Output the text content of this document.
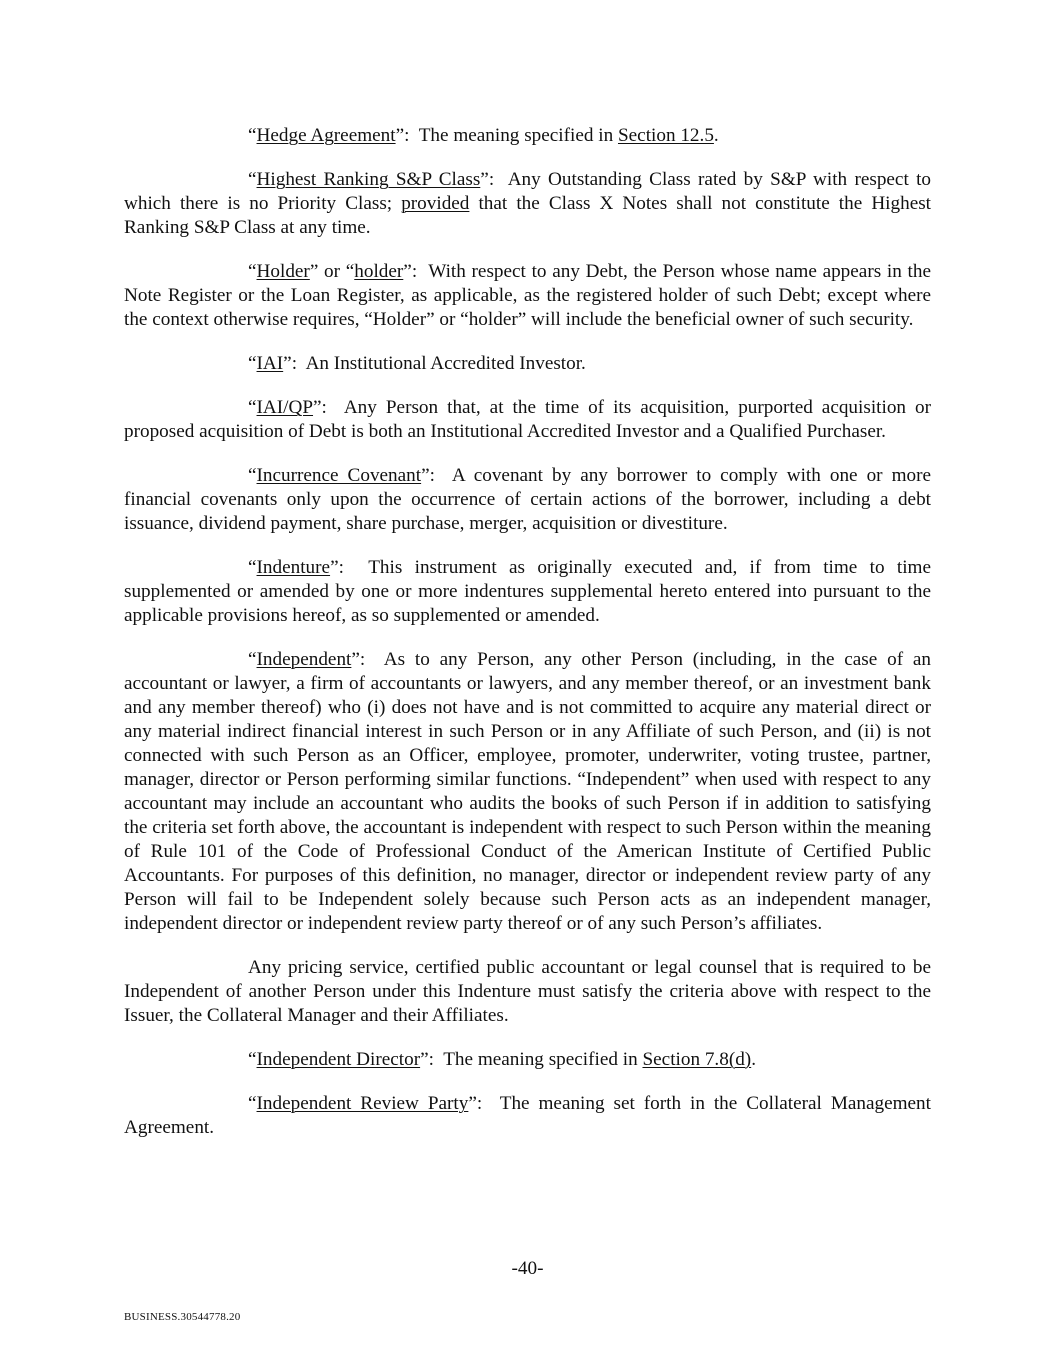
“Hedge Agreement”:  The meaning specified in Section 12.5.

“Highest Ranking S&P Class”:  Any Outstanding Class rated by S&P with respect to which there is no Priority Class; provided that the Class X Notes shall not constitute the Highest Ranking S&P Class at any time.

“Holder” or “holder”:  With respect to any Debt, the Person whose name appears in the Note Register or the Loan Register, as applicable, as the registered holder of such Debt; except where the context otherwise requires, “Holder” or “holder” will include the beneficial owner of such security.

“IAI”:  An Institutional Accredited Investor.

“IAI/QP”:  Any Person that, at the time of its acquisition, purported acquisition or proposed acquisition of Debt is both an Institutional Accredited Investor and a Qualified Purchaser.

“Incurrence Covenant”:  A covenant by any borrower to comply with one or more financial covenants only upon the occurrence of certain actions of the borrower, including a debt issuance, dividend payment, share purchase, merger, acquisition or divestiture.

“Indenture”:  This instrument as originally executed and, if from time to time supplemented or amended by one or more indentures supplemental hereto entered into pursuant to the applicable provisions hereof, as so supplemented or amended.

“Independent”:  As to any Person, any other Person (including, in the case of an accountant or lawyer, a firm of accountants or lawyers, and any member thereof, or an investment bank and any member thereof) who (i) does not have and is not committed to acquire any material direct or any material indirect financial interest in such Person or in any Affiliate of such Person, and (ii) is not connected with such Person as an Officer, employee, promoter, underwriter, voting trustee, partner, manager, director or Person performing similar functions. “Independent” when used with respect to any accountant may include an accountant who audits the books of such Person if in addition to satisfying the criteria set forth above, the accountant is independent with respect to such Person within the meaning of Rule 101 of the Code of Professional Conduct of the American Institute of Certified Public Accountants. For purposes of this definition, no manager, director or independent review party of any Person will fail to be Independent solely because such Person acts as an independent manager, independent director or independent review party thereof or of any such Person’s affiliates.

Any pricing service, certified public accountant or legal counsel that is required to be Independent of another Person under this Indenture must satisfy the criteria above with respect to the Issuer, the Collateral Manager and their Affiliates.

“Independent Director”:  The meaning specified in Section 7.8(d).

“Independent Review Party”:  The meaning set forth in the Collateral Management Agreement.

-40-
BUSINESS.30544778.20
